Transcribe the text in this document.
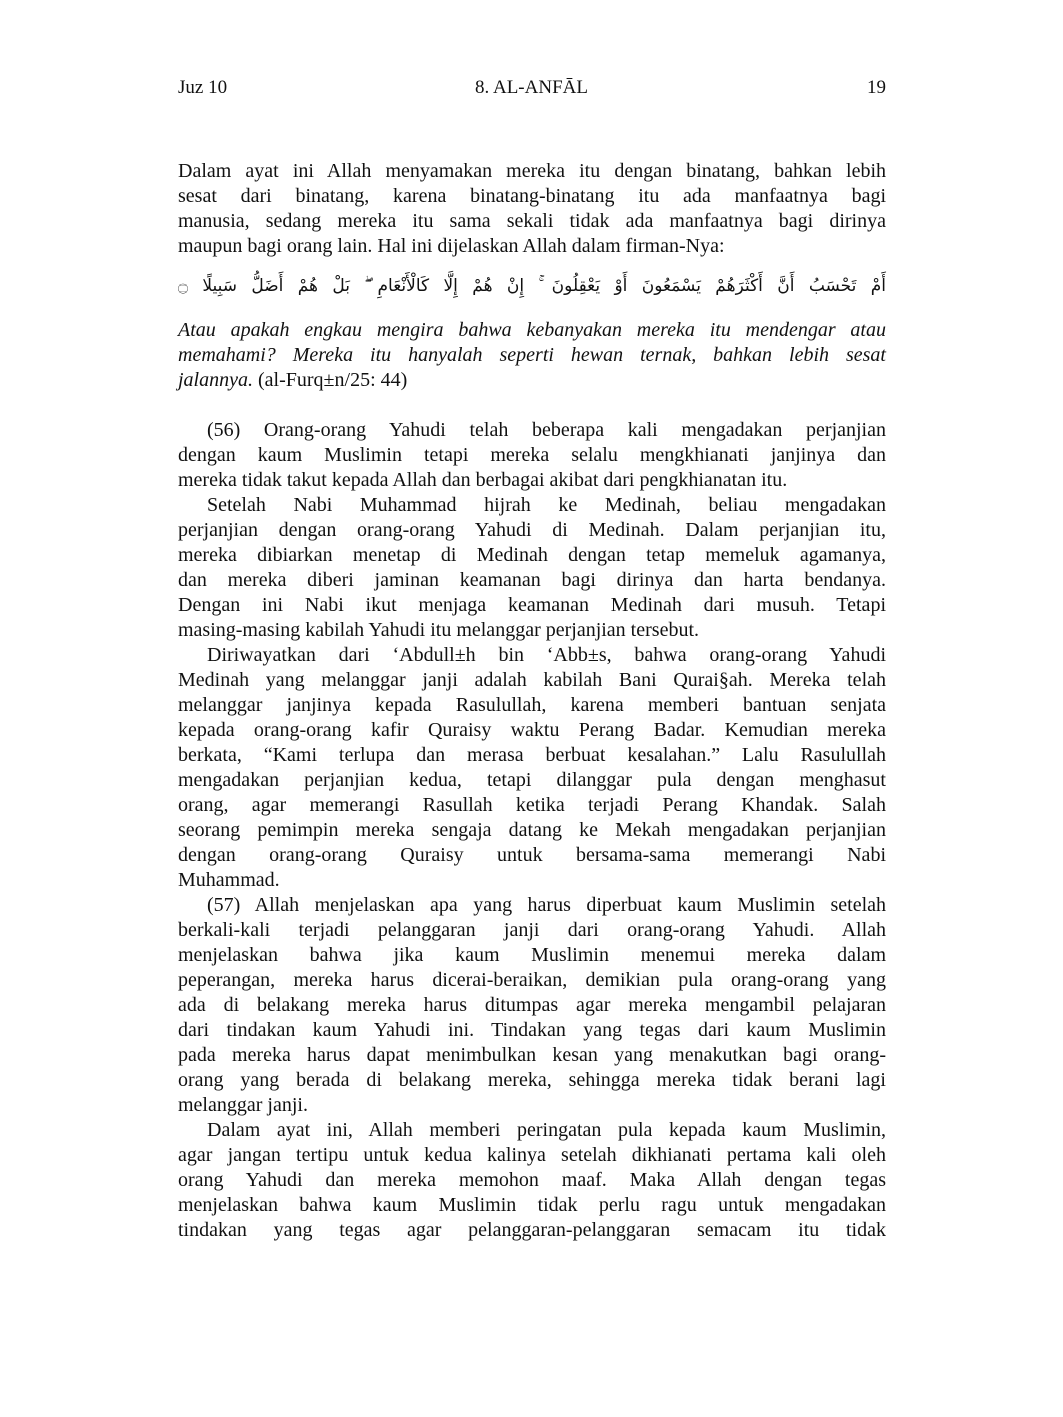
Juz 10	8. AL-ANFĀL	19
Dalam ayat ini Allah menyamakan mereka itu dengan binatang, bahkan lebih
sesat dari binatang, karena binatang-binatang itu ada manfaatnya bagi
manusia, sedang mereka itu sama sekali tidak ada manfaatnya bagi dirinya
maupun bagi orang lain. Hal ini dijelaskan Allah dalam firman-Nya:
أَمْ تَحْسَبُ أَنَّ أَكْثَرَهُمْ يَسْمَعُونَ أَوْ يَعْقِلُونَ ۚ إِنْ هُمْ إِلَّا كَالْأَنْعَامِ ۖ بَلْ هُمْ أَضَلُّ سَبِيلًا ۝
Atau apakah engkau mengira bahwa kebanyakan mereka itu mendengar atau
memahami? Mereka itu hanyalah seperti hewan ternak, bahkan lebih sesat
jalannya. (al-Furq±n/25: 44)
(56) Orang-orang Yahudi telah beberapa kali mengadakan perjanjian
dengan kaum Muslimin tetapi mereka selalu mengkhianati janjinya dan
mereka tidak takut kepada Allah dan berbagai akibat dari pengkhianatan itu.
Setelah Nabi Muhammad hijrah ke Medinah, beliau mengadakan
perjanjian dengan orang-orang Yahudi di Medinah. Dalam perjanjian itu,
mereka dibiarkan menetap di Medinah dengan tetap memeluk agamanya,
dan mereka diberi jaminan keamanan bagi dirinya dan harta bendanya.
Dengan ini Nabi ikut menjaga keamanan Medinah dari musuh. Tetapi
masing-masing kabilah Yahudi itu melanggar perjanjian tersebut.
Diriwayatkan dari ‘Abdull±h bin ‘Abb±s, bahwa orang-orang Yahudi
Medinah yang melanggar janji adalah kabilah Bani Qurai§ah. Mereka telah
melanggar janjinya kepada Rasulullah, karena memberi bantuan senjata
kepada orang-orang kafir Quraisy waktu Perang Badar. Kemudian mereka
berkata, “Kami terlupa dan merasa berbuat kesalahan.” Lalu Rasulullah
mengadakan perjanjian kedua, tetapi dilanggar pula dengan menghasut
orang, agar memerangi Rasullah ketika terjadi Perang Khandak. Salah
seorang pemimpin mereka sengaja datang ke Mekah mengadakan perjanjian
dengan orang-orang Quraisy untuk bersama-sama memerangi Nabi
Muhammad.
(57) Allah menjelaskan apa yang harus diperbuat kaum Muslimin setelah
berkali-kali terjadi pelanggaran janji dari orang-orang Yahudi. Allah
menjelaskan bahwa jika kaum Muslimin menemui mereka dalam
peperangan, mereka harus dicerai-beraikan, demikian pula orang-orang yang
ada di belakang mereka harus ditumpas agar mereka mengambil pelajaran
dari tindakan kaum Yahudi ini. Tindakan yang tegas dari kaum Muslimin
pada mereka harus dapat menimbulkan kesan yang menakutkan bagi orang-
orang yang berada di belakang mereka, sehingga mereka tidak berani lagi
melanggar janji.
Dalam ayat ini, Allah memberi peringatan pula kepada kaum Muslimin,
agar jangan tertipu untuk kedua kalinya setelah dikhianati pertama kali oleh
orang Yahudi dan mereka memohon maaf. Maka Allah dengan tegas
menjelaskan bahwa kaum Muslimin tidak perlu ragu untuk mengadakan
tindakan yang tegas agar pelanggaran-pelanggaran semacam itu tidak
